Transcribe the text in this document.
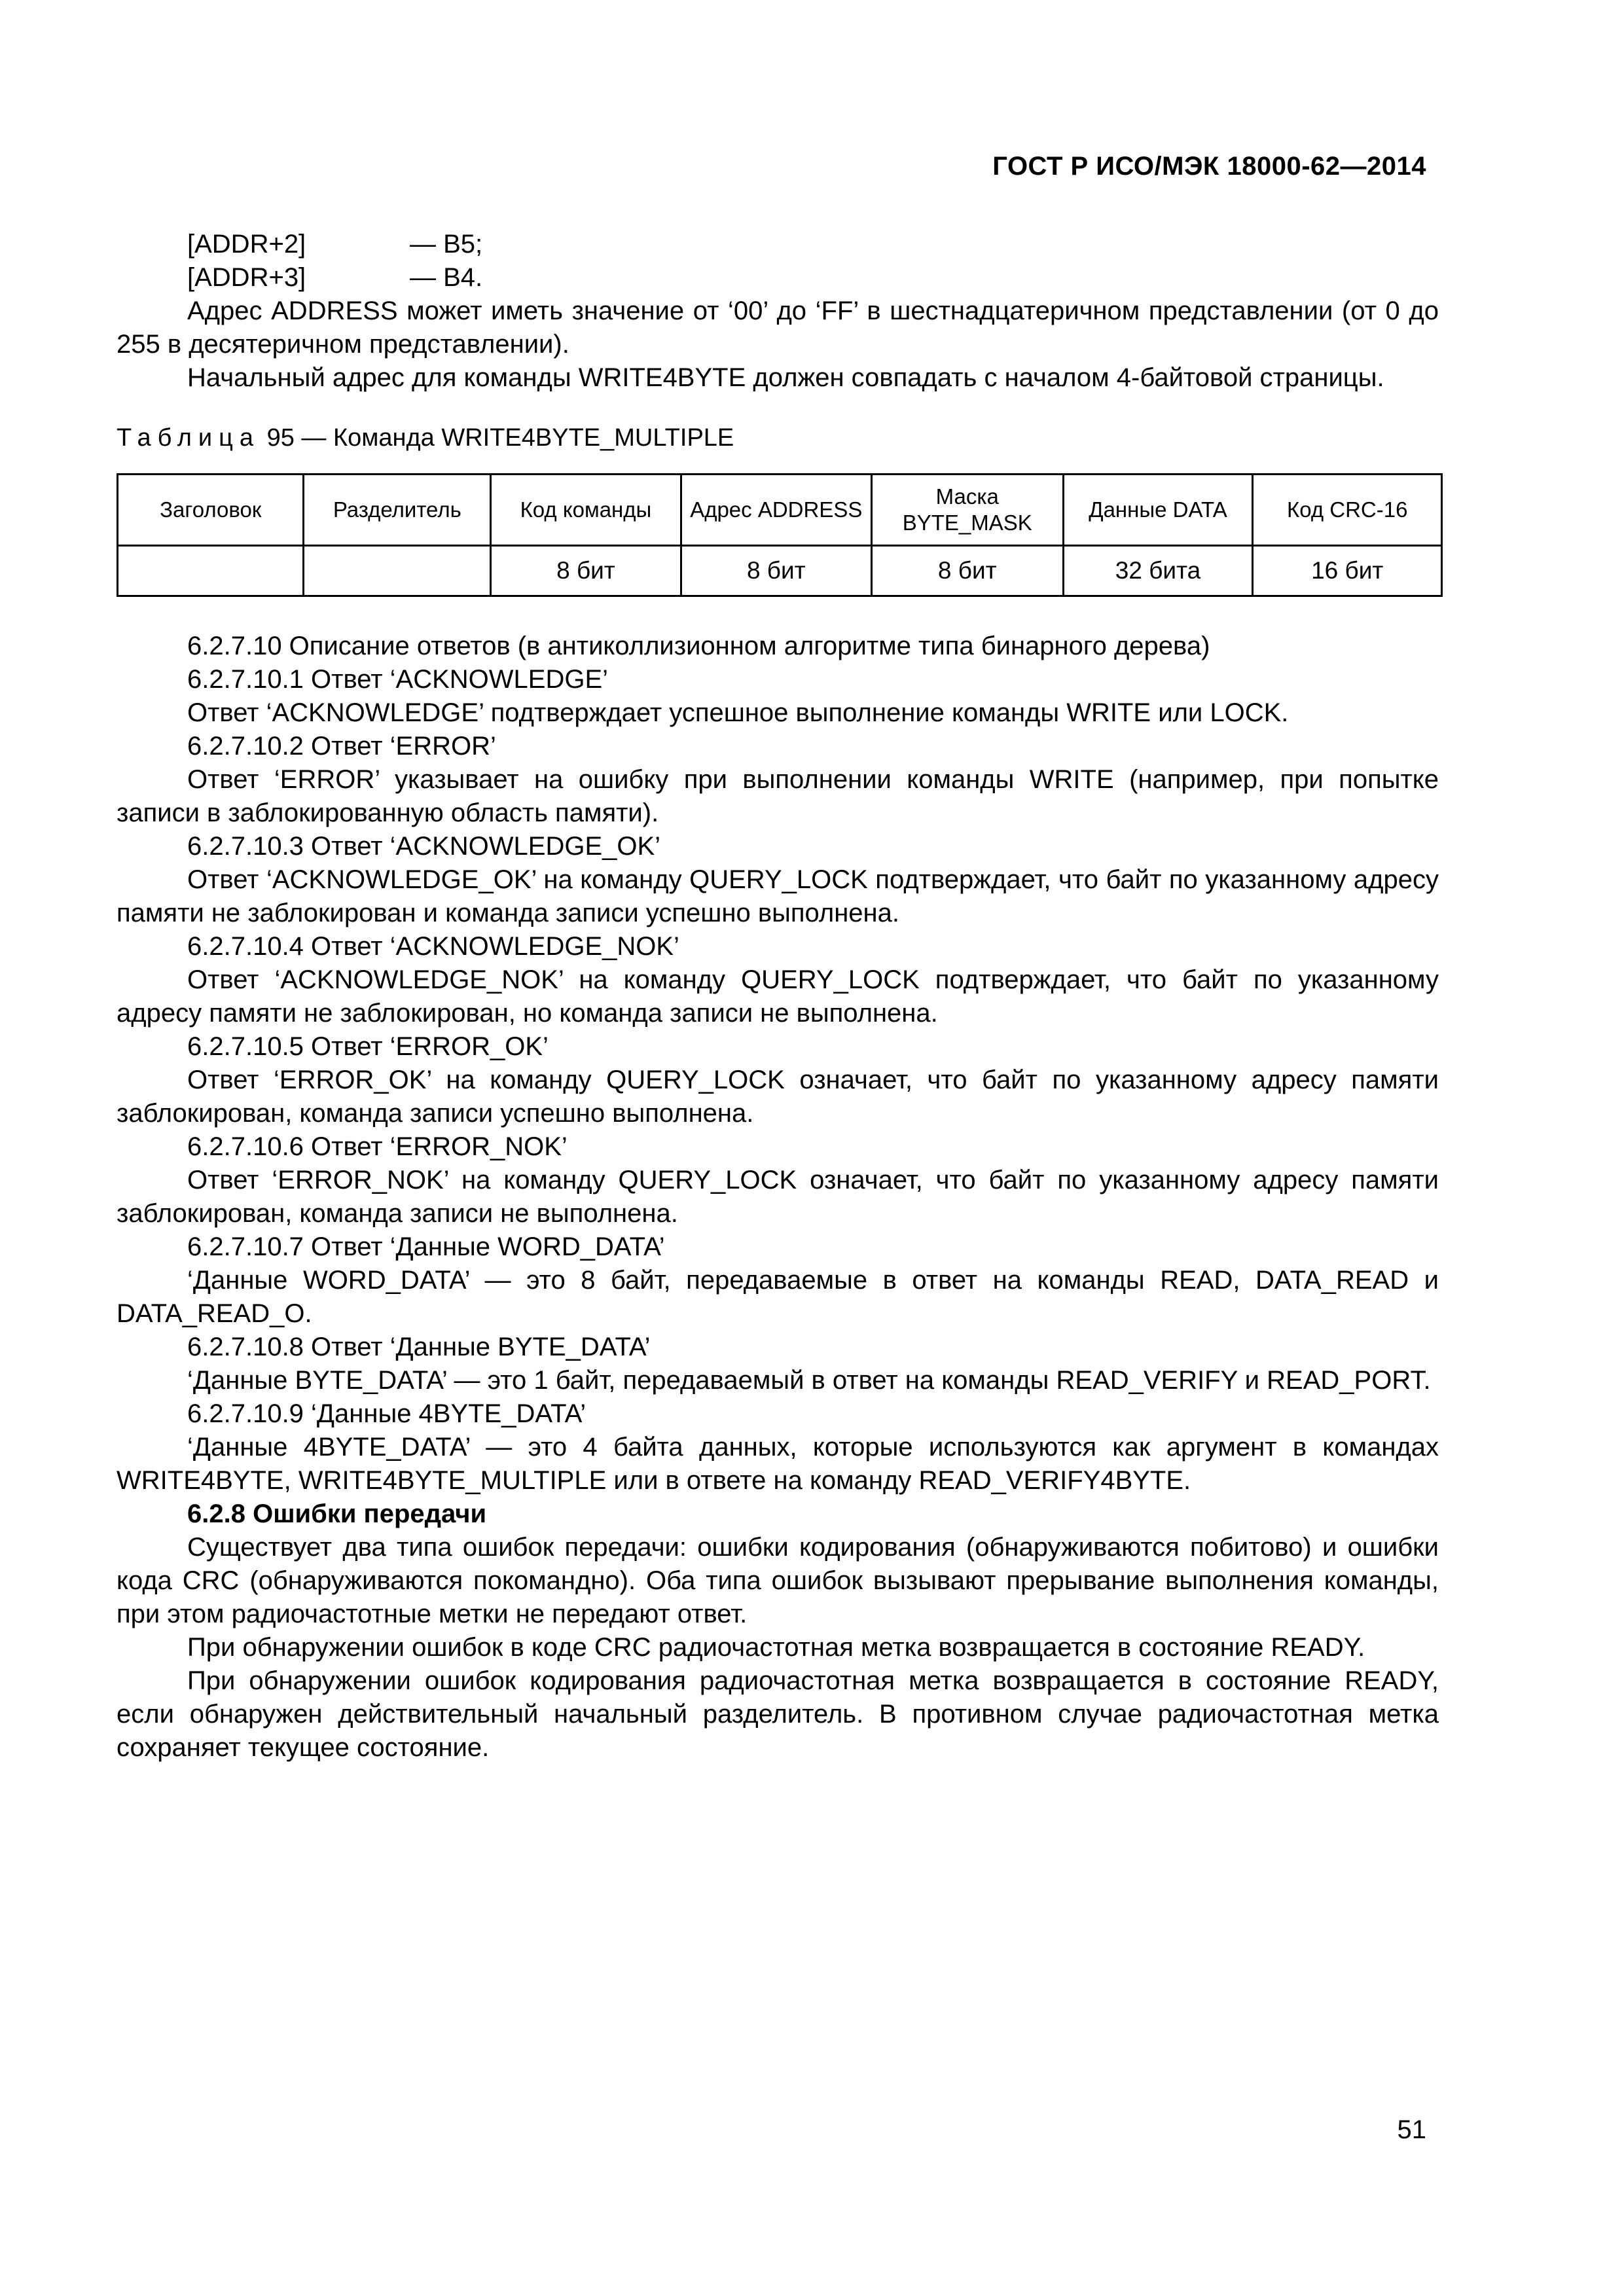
ГОСТ Р ИСО/МЭК 18000-62—2014
[ADDR+2]	— B5;
[ADDR+3]	— B4.

Адрес ADDRESS может иметь значение от ‘00’ до ‘FF’ в шестнадцатеричном представлении (от 0 до 255 в десятеричном представлении).

Начальный адрес для команды WRITE4BYTE должен совпадать с началом 4-байтовой страницы.

Таблица 95 — Команда WRITE4BYTE_MULTIPLE
Заголовок	Разделитель	Код команды	Адрес ADDRESS	Маска BYTE_MASK	Данные DATA	Код CRC-16
		8 бит	8 бит	8 бит	32 бита	16 бит

6.2.7.10 Описание ответов (в антиколлизионном алгоритме типа бинарного дерева)

6.2.7.10.1 Ответ ‘ACKNOWLEDGE’

Ответ ‘ACKNOWLEDGE’ подтверждает успешное выполнение команды WRITE или LOCK.

6.2.7.10.2 Ответ ‘ERROR’

Ответ ‘ERROR’ указывает на ошибку при выполнении команды WRITE (например, при попытке записи в заблокированную область памяти).

6.2.7.10.3 Ответ ‘ACKNOWLEDGE_OK’

Ответ ‘ACKNOWLEDGE_OK’ на команду QUERY_LOCK подтверждает, что байт по указанному адресу памяти не заблокирован и команда записи успешно выполнена.

6.2.7.10.4 Ответ ‘ACKNOWLEDGE_NOK’

Ответ ‘ACKNOWLEDGE_NOK’ на команду QUERY_LOCK подтверждает, что байт по указанному адресу памяти не заблокирован, но команда записи не выполнена.

6.2.7.10.5 Ответ ‘ERROR_OK’

Ответ ‘ERROR_OK’ на команду QUERY_LOCK означает, что байт по указанному адресу памяти заблокирован, команда записи успешно выполнена.

6.2.7.10.6 Ответ ‘ERROR_NOK’

Ответ ‘ERROR_NOK’ на команду QUERY_LOCK означает, что байт по указанному адресу памяти заблокирован, команда записи не выполнена.

6.2.7.10.7 Ответ ‘Данные WORD_DATA’

‘Данные WORD_DATA’ — это 8 байт, передаваемые в ответ на команды READ, DATA_READ и DATA_READ_O.

6.2.7.10.8 Ответ ‘Данные BYTE_DATA’

‘Данные BYTE_DATA’ — это 1 байт, передаваемый в ответ на команды READ_VERIFY и READ_PORT.

6.2.7.10.9 ‘Данные 4BYTE_DATA’

‘Данные 4BYTE_DATA’ — это 4 байта данных, которые используются как аргумент в командах WRITE4BYTE, WRITE4BYTE_MULTIPLE или в ответе на команду READ_VERIFY4BYTE.

6.2.8 Ошибки передачи

Существует два типа ошибок передачи: ошибки кодирования (обнаруживаются побитово) и ошибки кода CRC (обнаруживаются покомандно). Оба типа ошибок вызывают прерывание выполнения команды, при этом радиочастотные метки не передают ответ.

При обнаружении ошибок в коде CRC радиочастотная метка возвращается в состояние READY.

При обнаружении ошибок кодирования радиочастотная метка возвращается в состояние READY, если обнаружен действительный начальный разделитель. В противном случае радиочастотная метка сохраняет текущее состояние.

51
